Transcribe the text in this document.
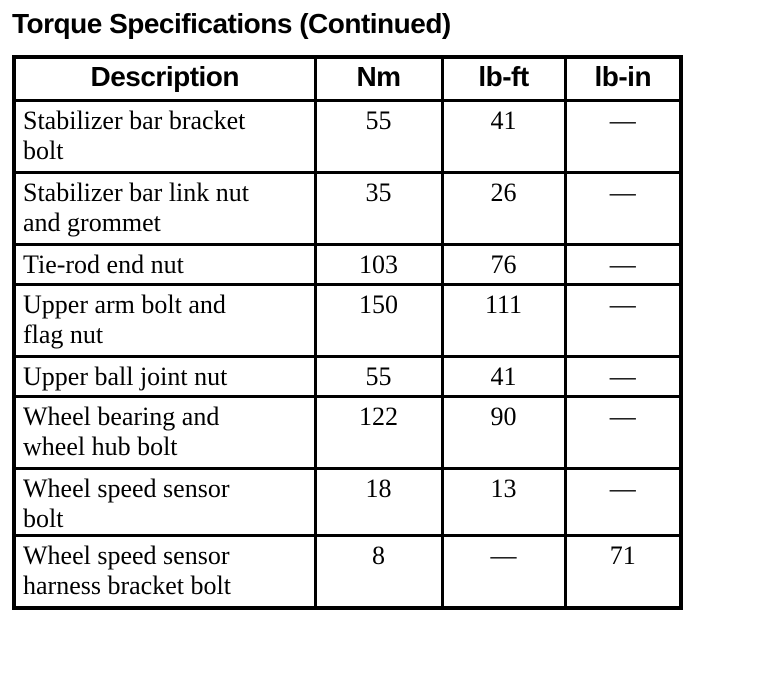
Torque Specifications (Continued)
Description	Nm	lb-ft	lb-in

Stabilizer bar bracket bolt	55	41	—

Stabilizer bar link nut and grommet	35	26	—

Tie-rod end nut	103	76	—

Upper arm bolt and flag nut	150	111	—

Upper ball joint nut	55	41	—

Wheel bearing and wheel hub bolt	122	90	—

Wheel speed sensor bolt	18	13	—

Wheel speed sensor harness bracket bolt	8	—	71
